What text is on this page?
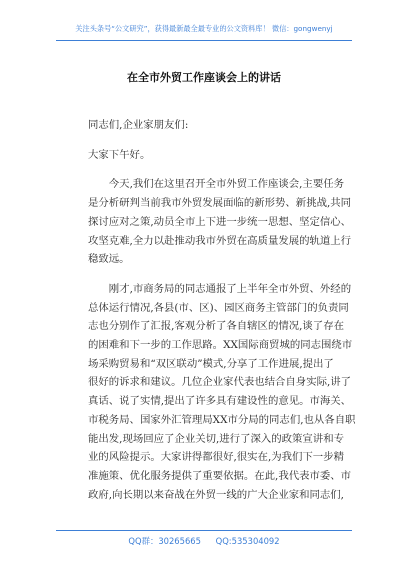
关注头条号“公文研究”，获得最新最全最专业的公文资料库！ 微信：gongwenyj
在全市外贸工作座谈会上的讲话

同志们,企业家朋友们:

大家下午好。

今天,我们在这里召开全市外贸工作座谈会,主要任务
是分析研判当前我市外贸发展面临的新形势、新挑战,共同
探讨应对之策,动员全市上下进一步统一思想、坚定信心、
攻坚克难,全力以赴推动我市外贸在高质量发展的轨道上行
稳致远。

刚才,市商务局的同志通报了上半年全市外贸、外经的
总体运行情况,各县(市、区)、园区商务主管部门的负责同
志也分别作了汇报,客观分析了各自辖区的情况,谈了存在
的困难和下一步的工作思路。XX国际商贸城的同志围绕市
场采购贸易和“双区联动”模式,分享了工作进展,提出了
很好的诉求和建议。几位企业家代表也结合自身实际,讲了
真话、说了实情,提出了许多具有建设性的意见。市海关、
市税务局、国家外汇管理局XX市分局的同志们,也从各自职
能出发,现场回应了企业关切,进行了深入的政策宣讲和专
业的风险提示。大家讲得都很好,很实在,为我们下一步精
准施策、优化服务提供了重要依据。在此,我代表市委、市
政府,向长期以来奋战在外贸一线的广大企业家和同志们,

QQ群：30265665 QQ:535304092
